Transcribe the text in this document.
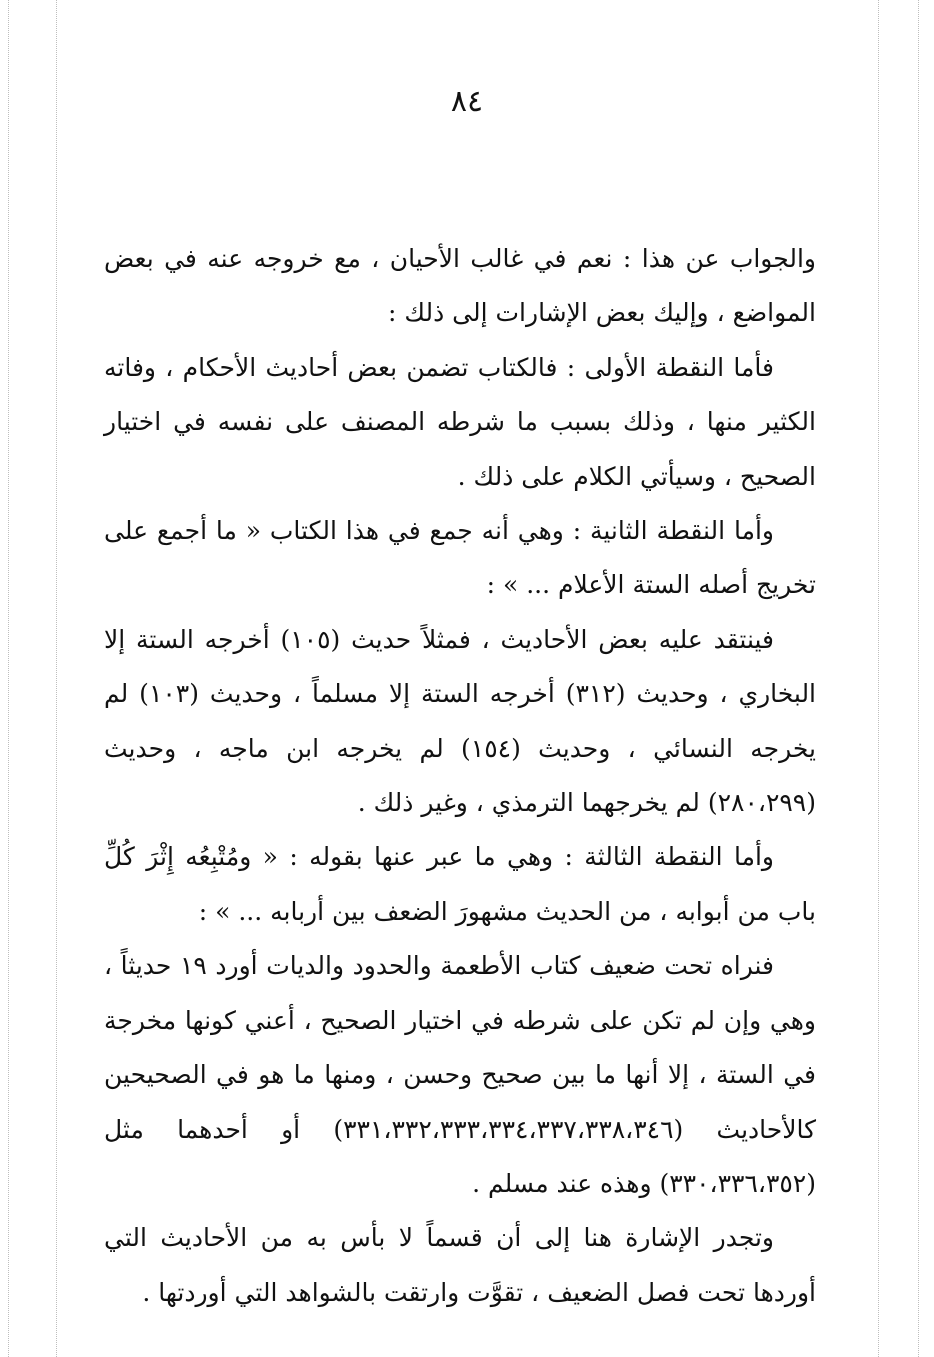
٨٤

والجواب عن هذا : نعم في غالب الأحيان ، مع خروجه عنه في بعض المواضع ، وإليك بعض الإشارات إلى ذلك :

فأما النقطة الأولى : فالكتاب تضمن بعض أحاديث الأحكام ، وفاته الكثير منها ، وذلك بسبب ما شرطه المصنف على نفسه في اختيار الصحيح ، وسيأتي الكلام على ذلك .

وأما النقطة الثانية : وهي أنه جمع في هذا الكتاب « ما أجمع على تخريج أصله الستة الأعلام ... » :

فينتقد عليه بعض الأحاديث ، فمثلاً حديث (١٠٥) أخرجه الستة إلا البخاري ، وحديث (٣١٢) أخرجه الستة إلا مسلماً ، وحديث (١٠٣) لم يخرجه النسائي ، وحديث (١٥٤) لم يخرجه ابن ماجه ، وحديث (٢٨٠،٢٩٩) لم يخرجهما الترمذي ، وغير ذلك .

وأما النقطة الثالثة : وهي ما عبر عنها بقوله : « ومُتْبِعُه إِثْرَ كُلِّ باب من أبوابه ، من الحديث مشهورَ الضعف بين أربابه ... » :

فنراه تحت ضعيف كتاب الأطعمة والحدود والديات أورد ١٩ حديثاً ، وهي وإن لم تكن على شرطه في اختيار الصحيح ، أعني كونها مخرجة في الستة ، إلا أنها ما بين صحيح وحسن ، ومنها ما هو في الصحيحين كالأحاديث (٣٣١،٣٣٢،٣٣٣،٣٣٤،٣٣٧،٣٣٨،٣٤٦) أو أحدهما مثل (٣٣٠،٣٣٦،٣٥٢) وهذه عند مسلم .

وتجدر الإشارة هنا إلى أن قسماً لا بأس به من الأحاديث التي أوردها تحت فصل الضعيف ، تقوَّت وارتقت بالشواهد التي أوردتها .
